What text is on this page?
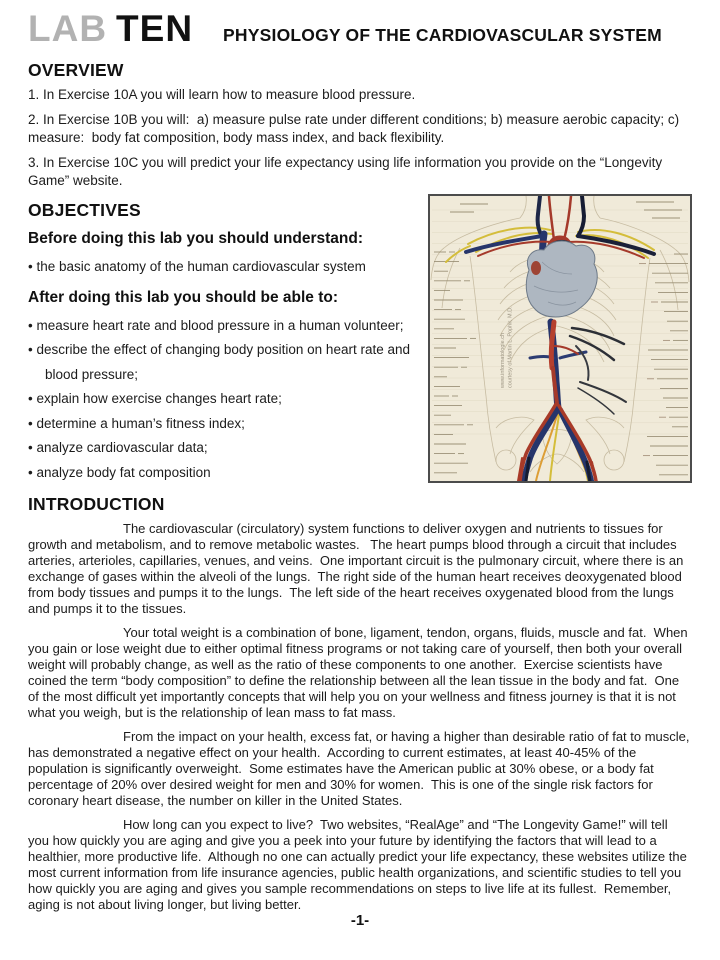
LAB TEN PHYSIOLOGY OF THE CARDIOVASCULAR SYSTEM
OVERVIEW

1. In Exercise 10A you will learn how to measure blood pressure.

2. In Exercise 10B you will:  a) measure pulse rate under different conditions; b) measure aerobic capacity; c) measure:  body fat composition, body mass index, and back flexibility.

3. In Exercise 10C you will predict your life expectancy using life information you provide on the “Longevity Game” website.

www.informatologie.ch courtesy of Martin L. Pophir, M.D.
OBJECTIVES
Before doing this lab you should understand:
• the basic anatomy of the human cardiovascular system
After doing this lab you should be able to:
• measure heart rate and blood pressure in a human volunteer;
• describe the effect of changing body position on heart rate and blood pressure;
• explain how exercise changes heart rate;
• determine a human’s fitness index;
• analyze cardiovascular data;
• analyze body fat composition
INTRODUCTION

The cardiovascular (circulatory) system functions to deliver oxygen and nutrients to tissues for growth and metabolism, and to remove metabolic wastes.   The heart pumps blood through a circuit that includes arteries, arterioles, capillaries, venues, and veins.  One important circuit is the pulmonary circuit, where there is an exchange of gases within the alveoli of the lungs.  The right side of the human heart receives deoxygenated blood from body tissues and pumps it to the lungs.  The left side of the heart receives oxygenated blood from the lungs and pumps it to the tissues.

Your total weight is a combination of bone, ligament, tendon, organs, fluids, muscle and fat.  When you gain or lose weight due to either optimal fitness programs or not taking care of yourself, then both your overall weight will probably change, as well as the ratio of these components to one another.  Exercise scientists have coined the term “body composition” to define the relationship between all the lean tissue in the body and fat.  One of the most difficult yet importantly concepts that will help you on your wellness and fitness journey is that it is not what you weigh, but is the relationship of lean mass to fat mass.

From the impact on your health, excess fat, or having a higher than desirable ratio of fat to muscle, has demonstrated a negative effect on your health.  According to current estimates, at least 40-45% of the population is significantly overweight.  Some estimates have the American public at 30% obese, or a body fat percentage of 20% over desired weight for men and 30% for women.  This is one of the single risk factors for coronary heart disease, the number on killer in the United States.

How long can you expect to live?  Two websites, “RealAge” and “The Longevity Game!” will tell you how quickly you are aging and give you a peek into your future by identifying the factors that will lead to a healthier, more productive life.  Although no one can actually predict your life expectancy, these websites utilize the most current information from life insurance agencies, public health organizations, and scientific studies to tell you how quickly you are aging and gives you sample recommendations on steps to live life at its fullest.  Remember, aging is not about living longer, but living better.

-1-
